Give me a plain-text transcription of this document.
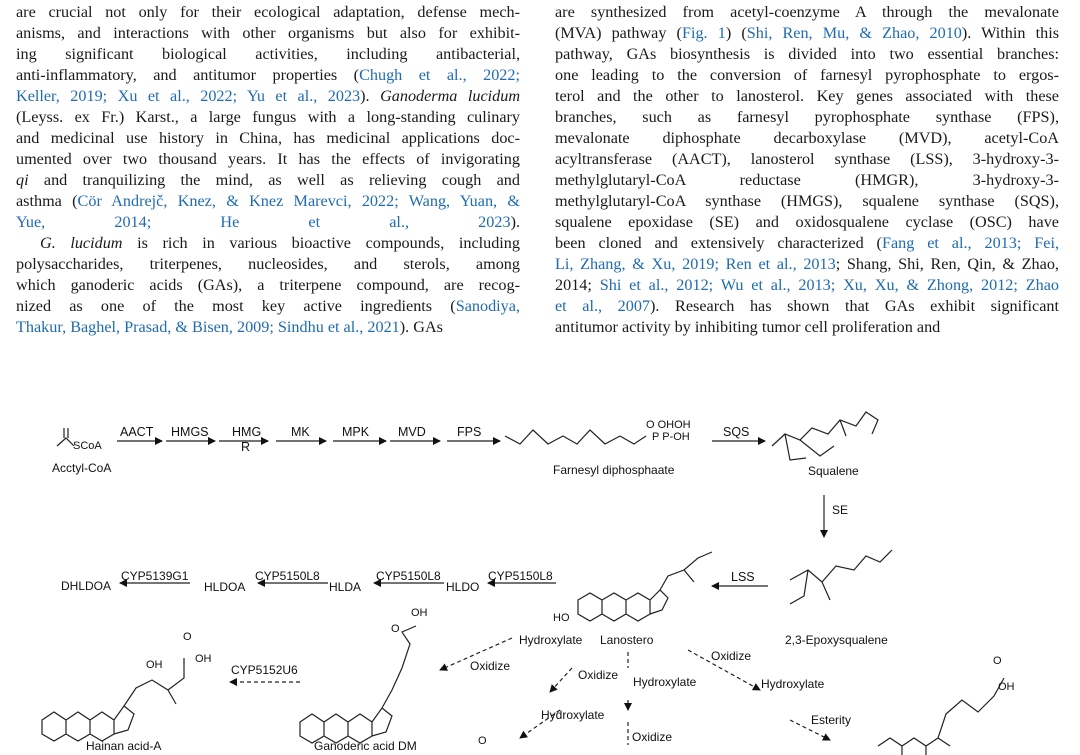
are crucial not only for their ecological adaptation, defense mech-
anisms, and interactions with other organisms but also for exhibit-
ing significant biological activities, including antibacterial,
anti-inflammatory, and antitumor properties (Chugh et al., 2022;
Keller, 2019; Xu et al., 2022; Yu et al., 2023). Ganoderma lucidum
(Leyss. ex Fr.) Karst., a large fungus with a long-standing culinary
and medicinal use history in China, has medicinal applications doc-
umented over two thousand years. It has the effects of invigorating
qi and tranquilizing the mind, as well as relieving cough and
asthma (Cör Andrejč, Knez, & Knez Marevci, 2022; Wang, Yuan, &
Yue, 2014; He et al., 2023).
G. lucidum is rich in various bioactive compounds, including
polysaccharides, triterpenes, nucleosides, and sterols, among
which ganoderic acids (GAs), a triterpene compound, are recog-
nized as one of the most key active ingredients (Sanodiya,
Thakur, Baghel, Prasad, & Bisen, 2009; Sindhu et al., 2021). GAs
are synthesized from acetyl-coenzyme A through the mevalonate
(MVA) pathway (Fig. 1) (Shi, Ren, Mu, & Zhao, 2010). Within this
pathway, GAs biosynthesis is divided into two essential branches:
one leading to the conversion of farnesyl pyrophosphate to ergos-
terol and the other to lanosterol. Key genes associated with these
branches, such as farnesyl pyrophosphate synthase (FPS),
mevalonate diphosphate decarboxylase (MVD), acetyl-CoA
acyltransferase (AACT), lanosterol synthase (LSS), 3-hydroxy-3-
methylglutaryl-CoA reductase (HMGR), 3-hydroxy-3-
methylglutaryl-CoA synthase (HMGS), squalene synthase (SQS),
squalene epoxidase (SE) and oxidosqualene cyclase (OSC) have
been cloned and extensively characterized (Fang et al., 2013; Fei,
Li, Zhang, & Xu, 2019; Ren et al., 2013; Shang, Shi, Ren, Qin, & Zhao,
2014; Shi et al., 2012; Wu et al., 2013; Xu, Xu, & Zhong, 2012; Zhao
et al., 2007). Research has shown that GAs exhibit significant
antitumor activity by inhibiting tumor cell proliferation and
SCoA
Acctyl-CoA
AACT HMGS HMG
R
MK	MPK MVD FPS	O OHOH
P P-OH
Farnesyl diphosphaate
SQS
Squalene
SE
LSS
2,3-Epoxysqualene
CYP5139G1	CYP5150L8	CYP5150L8	CYP5150L8
DHLDOA	HLDOA	HLDA	HLDO
HO
Hydroxylate Lanostero
Oxidize
Oxidize
Oxidize Hydroxylate	Hydroxylate
Hydroxylate	Esterity
Oxidize
CYP5152U6
OH
OH
O
Hainan acid-A
OH
O
Ganoderic acid DM	O
OH
O
